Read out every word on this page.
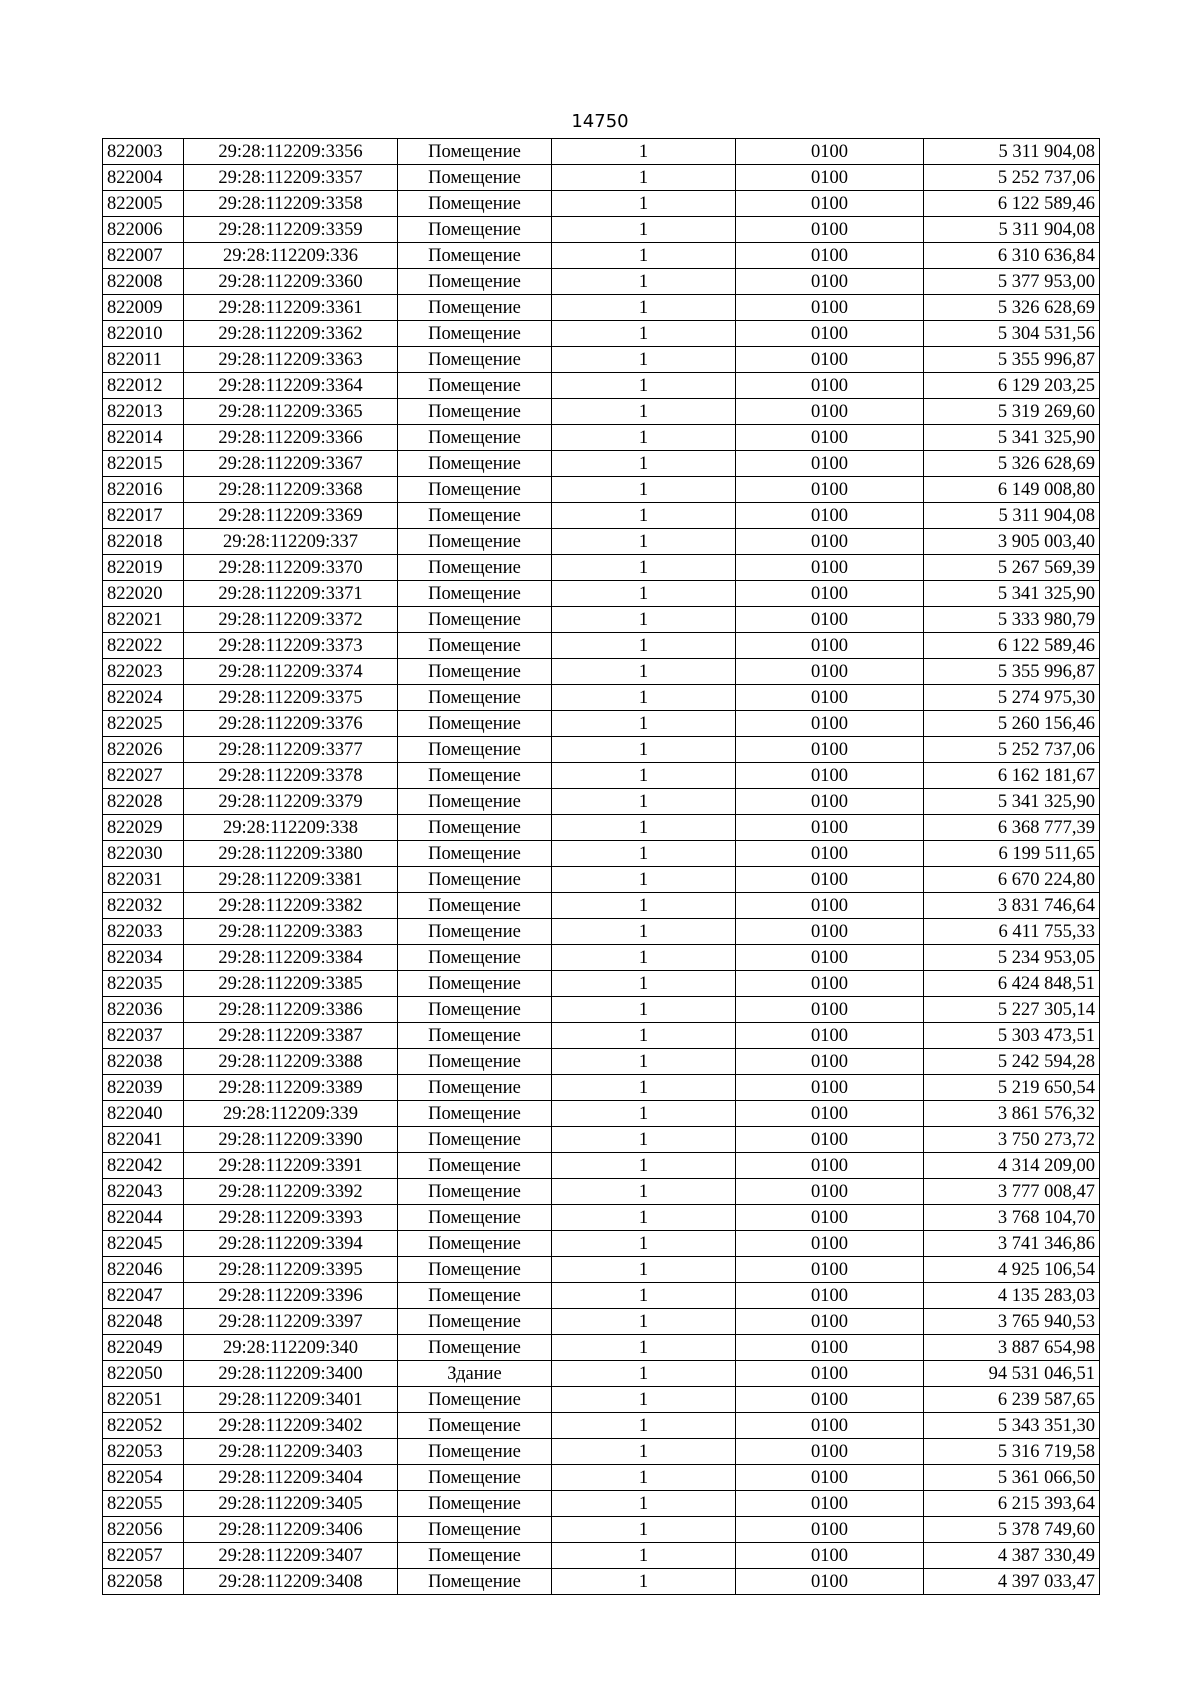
14750
822003	29:28:112209:3356	Помещение	1	0100	5 311 904,08
822004	29:28:112209:3357	Помещение	1	0100	5 252 737,06
822005	29:28:112209:3358	Помещение	1	0100	6 122 589,46
822006	29:28:112209:3359	Помещение	1	0100	5 311 904,08
822007	29:28:112209:336	Помещение	1	0100	6 310 636,84
822008	29:28:112209:3360	Помещение	1	0100	5 377 953,00
822009	29:28:112209:3361	Помещение	1	0100	5 326 628,69
822010	29:28:112209:3362	Помещение	1	0100	5 304 531,56
822011	29:28:112209:3363	Помещение	1	0100	5 355 996,87
822012	29:28:112209:3364	Помещение	1	0100	6 129 203,25
822013	29:28:112209:3365	Помещение	1	0100	5 319 269,60
822014	29:28:112209:3366	Помещение	1	0100	5 341 325,90
822015	29:28:112209:3367	Помещение	1	0100	5 326 628,69
822016	29:28:112209:3368	Помещение	1	0100	6 149 008,80
822017	29:28:112209:3369	Помещение	1	0100	5 311 904,08
822018	29:28:112209:337	Помещение	1	0100	3 905 003,40
822019	29:28:112209:3370	Помещение	1	0100	5 267 569,39
822020	29:28:112209:3371	Помещение	1	0100	5 341 325,90
822021	29:28:112209:3372	Помещение	1	0100	5 333 980,79
822022	29:28:112209:3373	Помещение	1	0100	6 122 589,46
822023	29:28:112209:3374	Помещение	1	0100	5 355 996,87
822024	29:28:112209:3375	Помещение	1	0100	5 274 975,30
822025	29:28:112209:3376	Помещение	1	0100	5 260 156,46
822026	29:28:112209:3377	Помещение	1	0100	5 252 737,06
822027	29:28:112209:3378	Помещение	1	0100	6 162 181,67
822028	29:28:112209:3379	Помещение	1	0100	5 341 325,90
822029	29:28:112209:338	Помещение	1	0100	6 368 777,39
822030	29:28:112209:3380	Помещение	1	0100	6 199 511,65
822031	29:28:112209:3381	Помещение	1	0100	6 670 224,80
822032	29:28:112209:3382	Помещение	1	0100	3 831 746,64
822033	29:28:112209:3383	Помещение	1	0100	6 411 755,33
822034	29:28:112209:3384	Помещение	1	0100	5 234 953,05
822035	29:28:112209:3385	Помещение	1	0100	6 424 848,51
822036	29:28:112209:3386	Помещение	1	0100	5 227 305,14
822037	29:28:112209:3387	Помещение	1	0100	5 303 473,51
822038	29:28:112209:3388	Помещение	1	0100	5 242 594,28
822039	29:28:112209:3389	Помещение	1	0100	5 219 650,54
822040	29:28:112209:339	Помещение	1	0100	3 861 576,32
822041	29:28:112209:3390	Помещение	1	0100	3 750 273,72
822042	29:28:112209:3391	Помещение	1	0100	4 314 209,00
822043	29:28:112209:3392	Помещение	1	0100	3 777 008,47
822044	29:28:112209:3393	Помещение	1	0100	3 768 104,70
822045	29:28:112209:3394	Помещение	1	0100	3 741 346,86
822046	29:28:112209:3395	Помещение	1	0100	4 925 106,54
822047	29:28:112209:3396	Помещение	1	0100	4 135 283,03
822048	29:28:112209:3397	Помещение	1	0100	3 765 940,53
822049	29:28:112209:340	Помещение	1	0100	3 887 654,98
822050	29:28:112209:3400	Здание	1	0100	94 531 046,51
822051	29:28:112209:3401	Помещение	1	0100	6 239 587,65
822052	29:28:112209:3402	Помещение	1	0100	5 343 351,30
822053	29:28:112209:3403	Помещение	1	0100	5 316 719,58
822054	29:28:112209:3404	Помещение	1	0100	5 361 066,50
822055	29:28:112209:3405	Помещение	1	0100	6 215 393,64
822056	29:28:112209:3406	Помещение	1	0100	5 378 749,60
822057	29:28:112209:3407	Помещение	1	0100	4 387 330,49
822058	29:28:112209:3408	Помещение	1	0100	4 397 033,47
